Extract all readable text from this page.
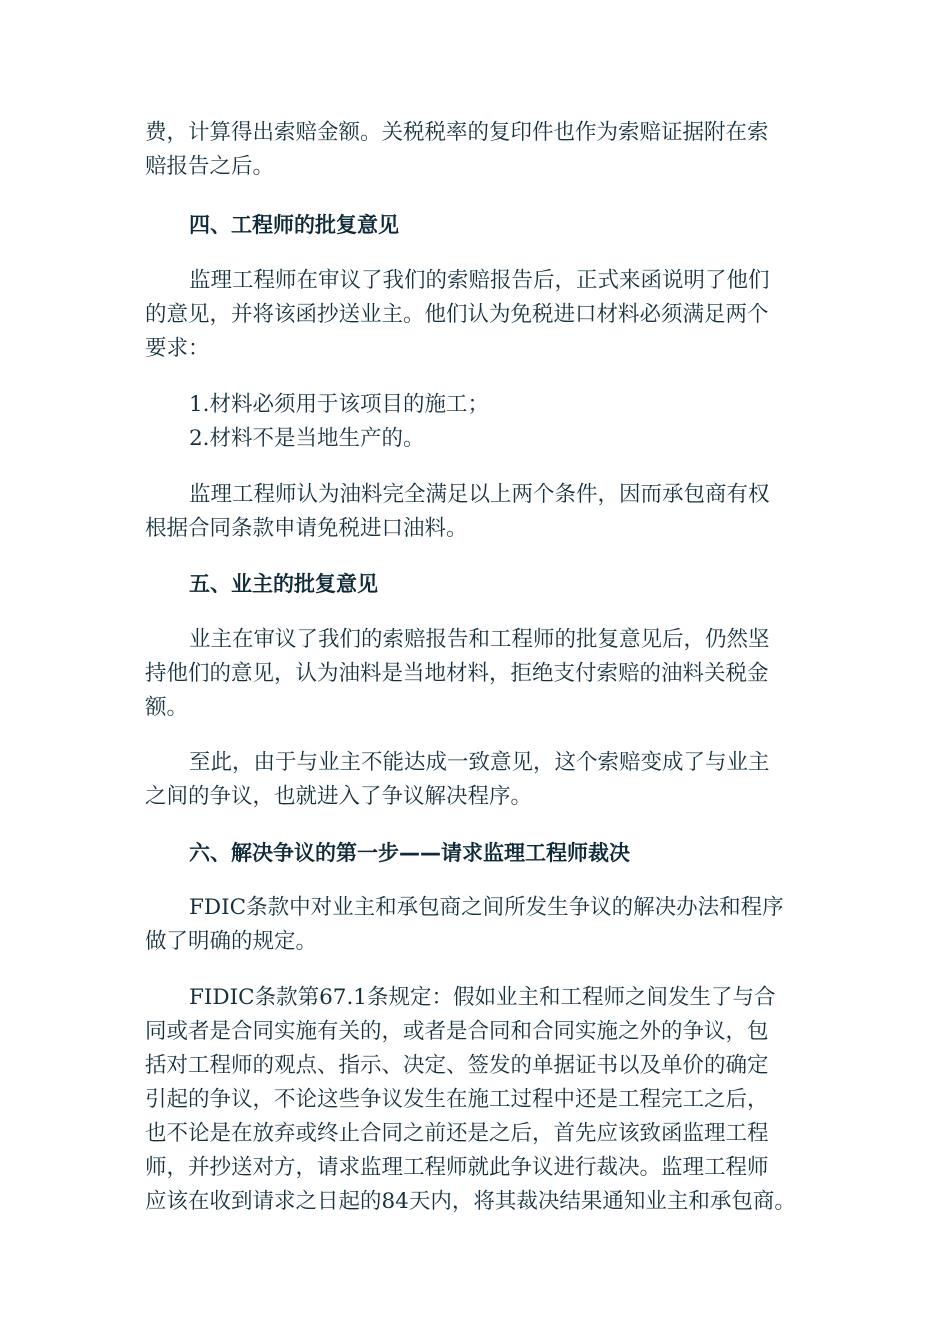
费，计算得出索赔金额。关税税率的复印件也作为索赔证据附在索
赔报告之后。
四、工程师的批复意见
监理工程师在审议了我们的索赔报告后，正式来函说明了他们
的意见，并将该函抄送业主。他们认为免税进口材料必须满足两个
要求：
1.材料必须用于该项目的施工；
2.材料不是当地生产的。
监理工程师认为油料完全满足以上两个条件，因而承包商有权
根据合同条款申请免税进口油料。
五、业主的批复意见
业主在审议了我们的索赔报告和工程师的批复意见后，仍然坚
持他们的意见，认为油料是当地材料，拒绝支付索赔的油料关税金
额。
至此，由于与业主不能达成一致意见，这个索赔变成了与业主
之间的争议，也就进入了争议解决程序。
六、解决争议的第一步——请求监理工程师裁决
FDIC条款中对业主和承包商之间所发生争议的解决办法和程序
做了明确的规定。
FIDIC条款第67.1条规定：假如业主和工程师之间发生了与合
同或者是合同实施有关的，或者是合同和合同实施之外的争议，包
括对工程师的观点、指示、决定、签发的单据证书以及单价的确定
引起的争议，不论这些争议发生在施工过程中还是工程完工之后，
也不论是在放弃或终止合同之前还是之后，首先应该致函监理工程
师，并抄送对方，请求监理工程师就此争议进行裁决。监理工程师
应该在收到请求之日起的84天内，将其裁决结果通知业主和承包商。
